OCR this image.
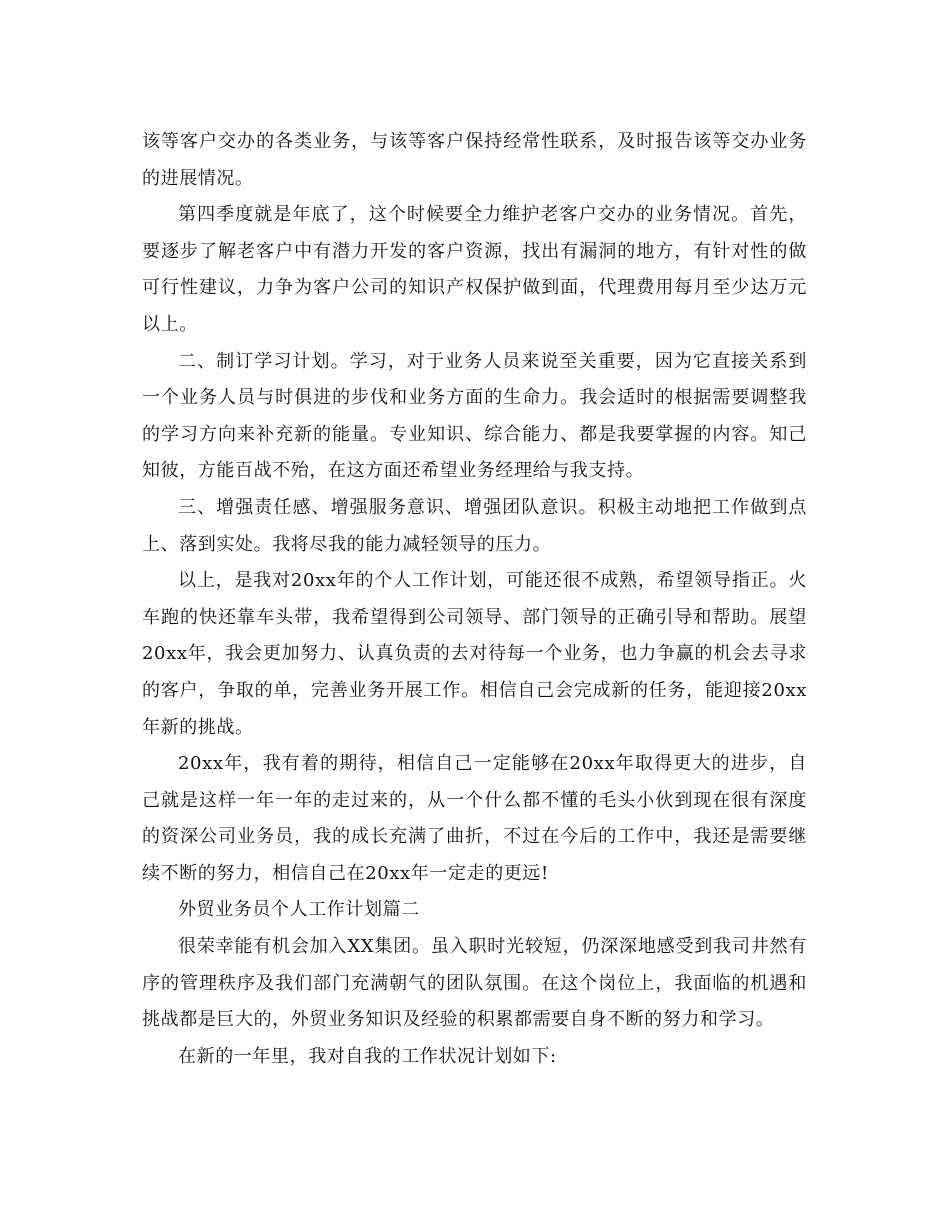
该等客户交办的各类业务，与该等客户保持经常性联系，及时报告该等交办业务的进展情况。

第四季度就是年底了，这个时候要全力维护老客户交办的业务情况。首先，要逐步了解老客户中有潜力开发的客户资源，找出有漏洞的地方，有针对性的做可行性建议，力争为客户公司的知识产权保护做到面，代理费用每月至少达万元以上。

二、制订学习计划。学习，对于业务人员来说至关重要，因为它直接关系到一个业务人员与时俱进的步伐和业务方面的生命力。我会适时的根据需要调整我的学习方向来补充新的能量。专业知识、综合能力、都是我要掌握的内容。知己知彼，方能百战不殆，在这方面还希望业务经理给与我支持。

三、增强责任感、增强服务意识、增强团队意识。积极主动地把工作做到点上、落到实处。我将尽我的能力减轻领导的压力。

以上，是我对20xx年的个人工作计划，可能还很不成熟，希望领导指正。火车跑的快还靠车头带，我希望得到公司领导、部门领导的正确引导和帮助。展望20xx年，我会更加努力、认真负责的去对待每一个业务，也力争赢的机会去寻求的客户，争取的单，完善业务开展工作。相信自己会完成新的任务，能迎接20xx年新的挑战。

20xx年，我有着的期待，相信自己一定能够在20xx年取得更大的进步，自己就是这样一年一年的走过来的，从一个什么都不懂的毛头小伙到现在很有深度的资深公司业务员，我的成长充满了曲折，不过在今后的工作中，我还是需要继续不断的努力，相信自己在20xx年一定走的更远!

外贸业务员个人工作计划篇二

很荣幸能有机会加入XX集团。虽入职时光较短，仍深深地感受到我司井然有序的管理秩序及我们部门充满朝气的团队氛围。在这个岗位上，我面临的机遇和挑战都是巨大的，外贸业务知识及经验的积累都需要自身不断的努力和学习。

在新的一年里，我对自我的工作状况计划如下:
